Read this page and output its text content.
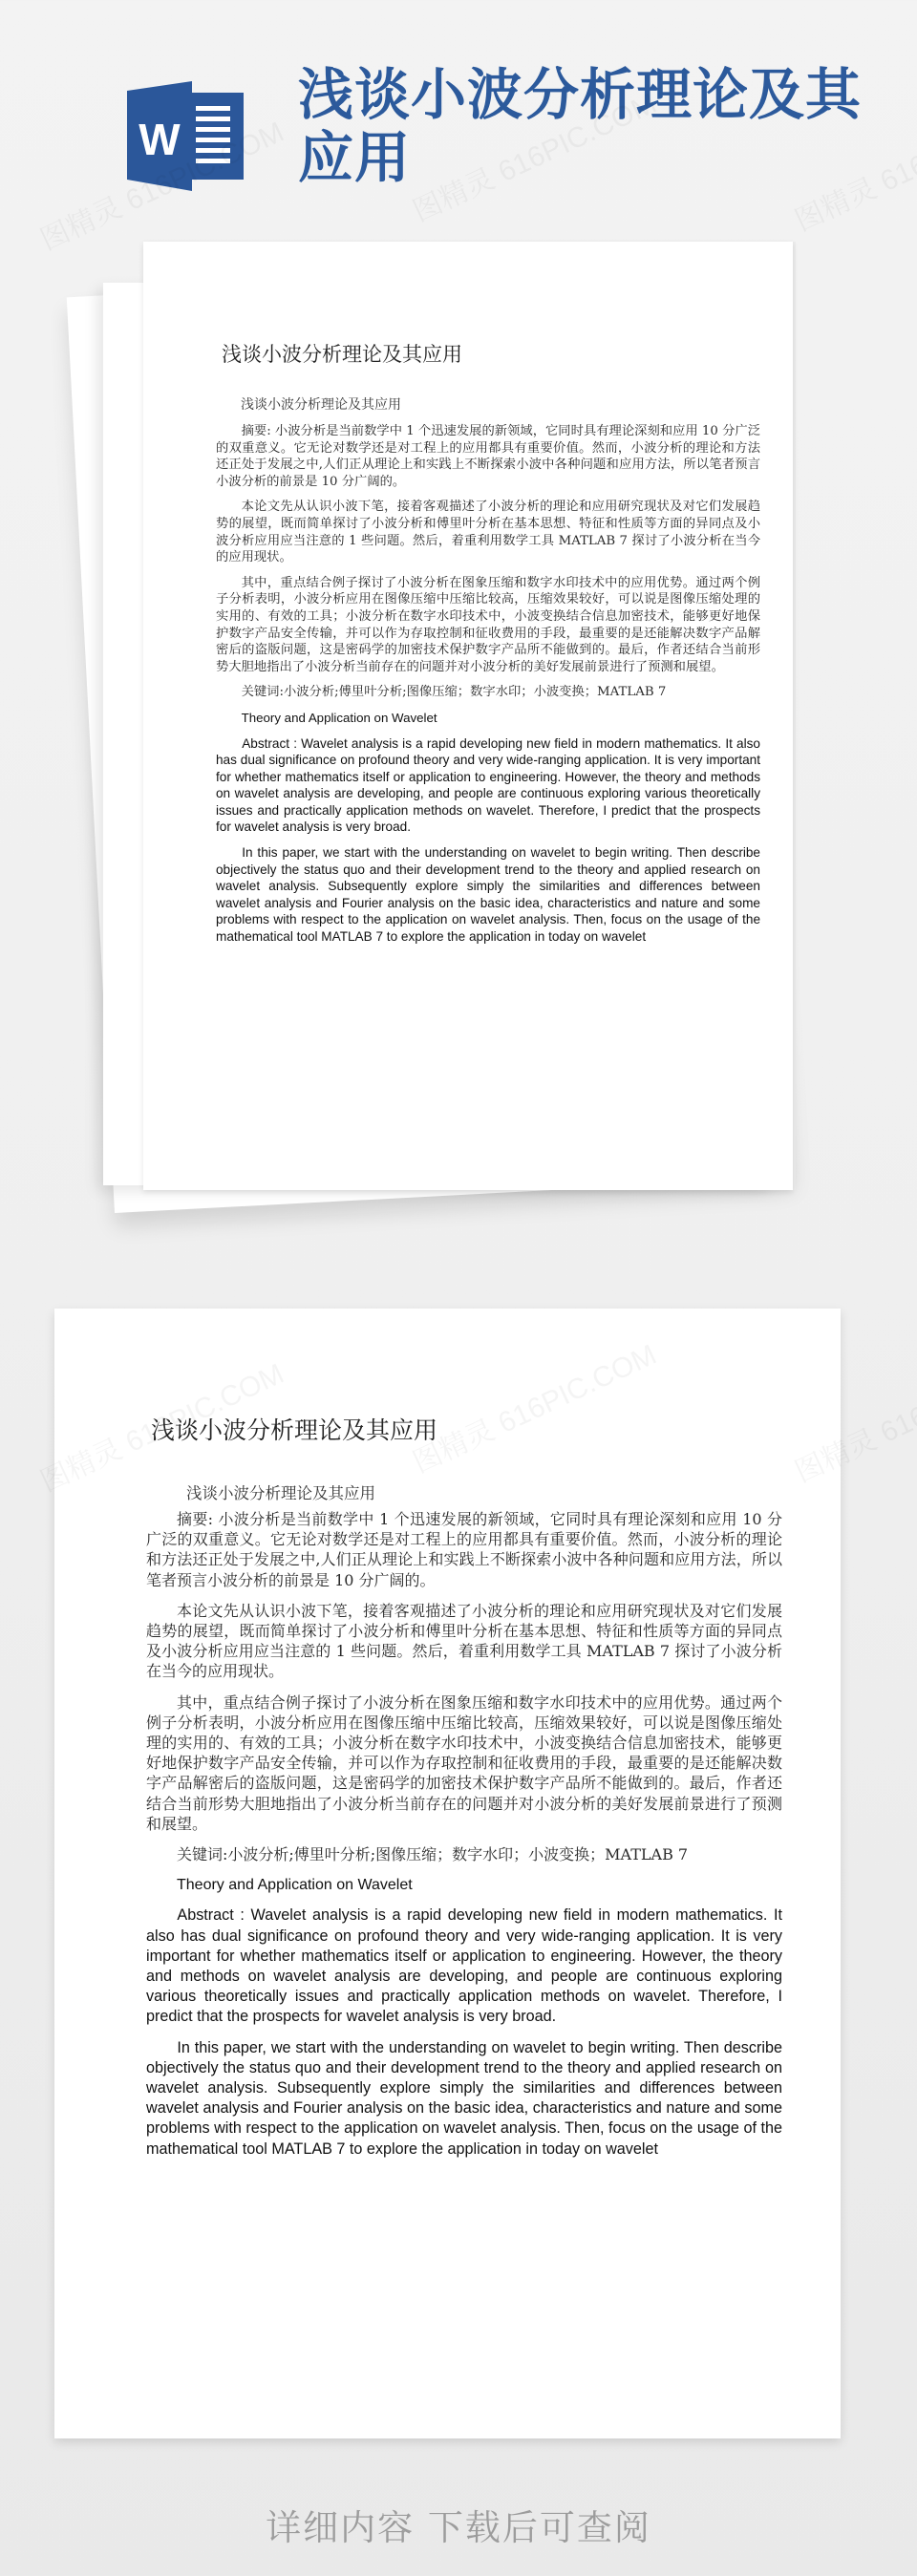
W
浅谈小波分析理论及其
应用
浅谈小波分析理论及其应用
浅谈小波分析理论及其应用

摘要: 小波分析是当前数学中 1 个迅速发展的新领域，它同时具有理论深刻和应用 10 分广泛的双重意义。它无论对数学还是对工程上的应用都具有重要价值。然而，小波分析的理论和方法还正处于发展之中,人们正从理论上和实践上不断探索小波中各种问题和应用方法，所以笔者预言小波分析的前景是 10 分广阔的。

本论文先从认识小波下笔，接着客观描述了小波分析的理论和应用研究现状及对它们发展趋势的展望，既而简单探讨了小波分析和傅里叶分析在基本思想、特征和性质等方面的异同点及小波分析应用应当注意的 1 些问题。然后，着重利用数学工具 MATLAB 7 探讨了小波分析在当今的应用现状。

其中，重点结合例子探讨了小波分析在图象压缩和数字水印技术中的应用优势。通过两个例子分析表明，小波分析应用在图像压缩中压缩比较高，压缩效果较好，可以说是图像压缩处理的实用的、有效的工具；小波分析在数字水印技术中，小波变换结合信息加密技术，能够更好地保护数字产品安全传输，并可以作为存取控制和征收费用的手段，最重要的是还能解决数字产品解密后的盗版问题，这是密码学的加密技术保护数字产品所不能做到的。最后，作者还结合当前形势大胆地指出了小波分析当前存在的问题并对小波分析的美好发展前景进行了预测和展望。

关键词:小波分析;傅里叶分析;图像压缩；数字水印；小波变换；MATLAB 7

Theory and Application on Wavelet

Abstract : Wavelet analysis is a rapid developing new field in modern mathematics. It also has dual significance on profound theory and very wide-ranging application. It is very important for whether mathematics itself or application to engineering. However, the theory and methods on wavelet analysis are developing, and people are continuous exploring various theoretically issues and practically application methods on wavelet. Therefore, I predict that the prospects for wavelet analysis is very broad.

In this paper, we start with the understanding on wavelet to begin writing. Then describe objectively the status quo and their development trend to the theory and applied research on wavelet analysis. Subsequently explore simply the similarities and differences between wavelet analysis and Fourier analysis on the basic idea, characteristics and nature and some problems with respect to the application on wavelet analysis. Then, focus on the usage of the mathematical tool MATLAB 7 to explore the application in today on wavelet

浅谈小波分析理论及其应用
浅谈小波分析理论及其应用

摘要: 小波分析是当前数学中 1 个迅速发展的新领域，它同时具有理论深刻和应用 10 分广泛的双重意义。它无论对数学还是对工程上的应用都具有重要价值。然而，小波分析的理论和方法还正处于发展之中,人们正从理论上和实践上不断探索小波中各种问题和应用方法，所以笔者预言小波分析的前景是 10 分广阔的。

本论文先从认识小波下笔，接着客观描述了小波分析的理论和应用研究现状及对它们发展趋势的展望，既而简单探讨了小波分析和傅里叶分析在基本思想、特征和性质等方面的异同点及小波分析应用应当注意的 1 些问题。然后，着重利用数学工具 MATLAB 7 探讨了小波分析在当今的应用现状。

其中，重点结合例子探讨了小波分析在图象压缩和数字水印技术中的应用优势。通过两个例子分析表明，小波分析应用在图像压缩中压缩比较高，压缩效果较好，可以说是图像压缩处理的实用的、有效的工具；小波分析在数字水印技术中，小波变换结合信息加密技术，能够更好地保护数字产品安全传输，并可以作为存取控制和征收费用的手段，最重要的是还能解决数字产品解密后的盗版问题，这是密码学的加密技术保护数字产品所不能做到的。最后，作者还结合当前形势大胆地指出了小波分析当前存在的问题并对小波分析的美好发展前景进行了预测和展望。

关键词:小波分析;傅里叶分析;图像压缩；数字水印；小波变换；MATLAB 7

Theory and Application on Wavelet

Abstract : Wavelet analysis is a rapid developing new field in modern mathematics. It also has dual significance on profound theory and very wide-ranging application. It is very important for whether mathematics itself or application to engineering. However, the theory and methods on wavelet analysis are developing, and people are continuous exploring various theoretically issues and practically application methods on wavelet. Therefore, I predict that the prospects for wavelet analysis is very broad.

In this paper, we start with the understanding on wavelet to begin writing. Then describe objectively the status quo and their development trend to the theory and applied research on wavelet analysis. Subsequently explore simply the similarities and differences between wavelet analysis and Fourier analysis on the basic idea, characteristics and nature and some problems with respect to the application on wavelet analysis. Then, focus on the usage of the mathematical tool MATLAB 7 to explore the application in today on wavelet

详细内容 下载后可查阅
